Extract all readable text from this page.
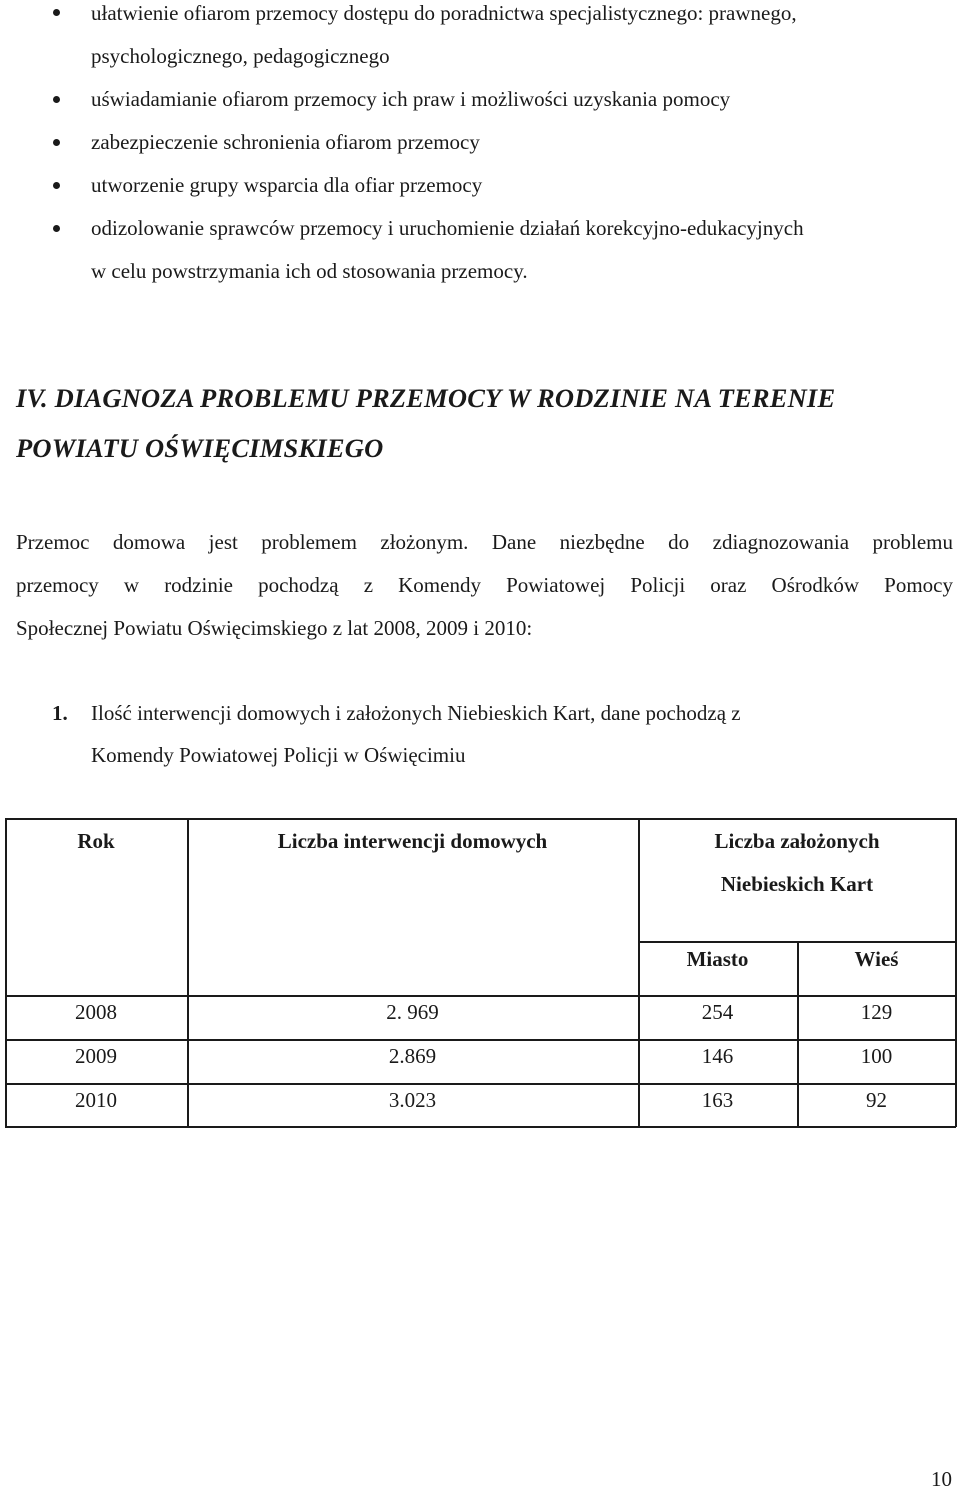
ułatwienie ofiarom przemocy dostępu do poradnictwa specjalistycznego: prawnego,
psychologicznego, pedagogicznego
uświadamianie ofiarom przemocy ich praw i możliwości uzyskania pomocy
zabezpieczenie schronienia ofiarom przemocy
utworzenie grupy wsparcia dla ofiar przemocy
odizolowanie sprawców przemocy i uruchomienie działań korekcyjno-edukacyjnych
w celu powstrzymania ich od stosowania przemocy.
IV. DIAGNOZA PROBLEMU PRZEMOCY W RODZINIE NA TERENIE
POWIATU OŚWIĘCIMSKIEGO
Przemoc domowa jest problemem złożonym. Dane niezbędne do zdiagnozowania problemu
przemocy w rodzinie pochodzą z Komendy Powiatowej Policji oraz Ośrodków Pomocy
Społecznej Powiatu Oświęcimskiego z lat 2008, 2009 i 2010:
1. Ilość interwencji domowych i założonych Niebieskich Kart, dane pochodzą z
Komendy Powiatowej Policji w Oświęcimiu
Rok	Liczba interwencji domowych	Liczba założonych
Niebieskich Kart
Miasto	Wieś
2008	2. 969	254	129
2009	2.869	146	100
2010	3.023	163	92
10
